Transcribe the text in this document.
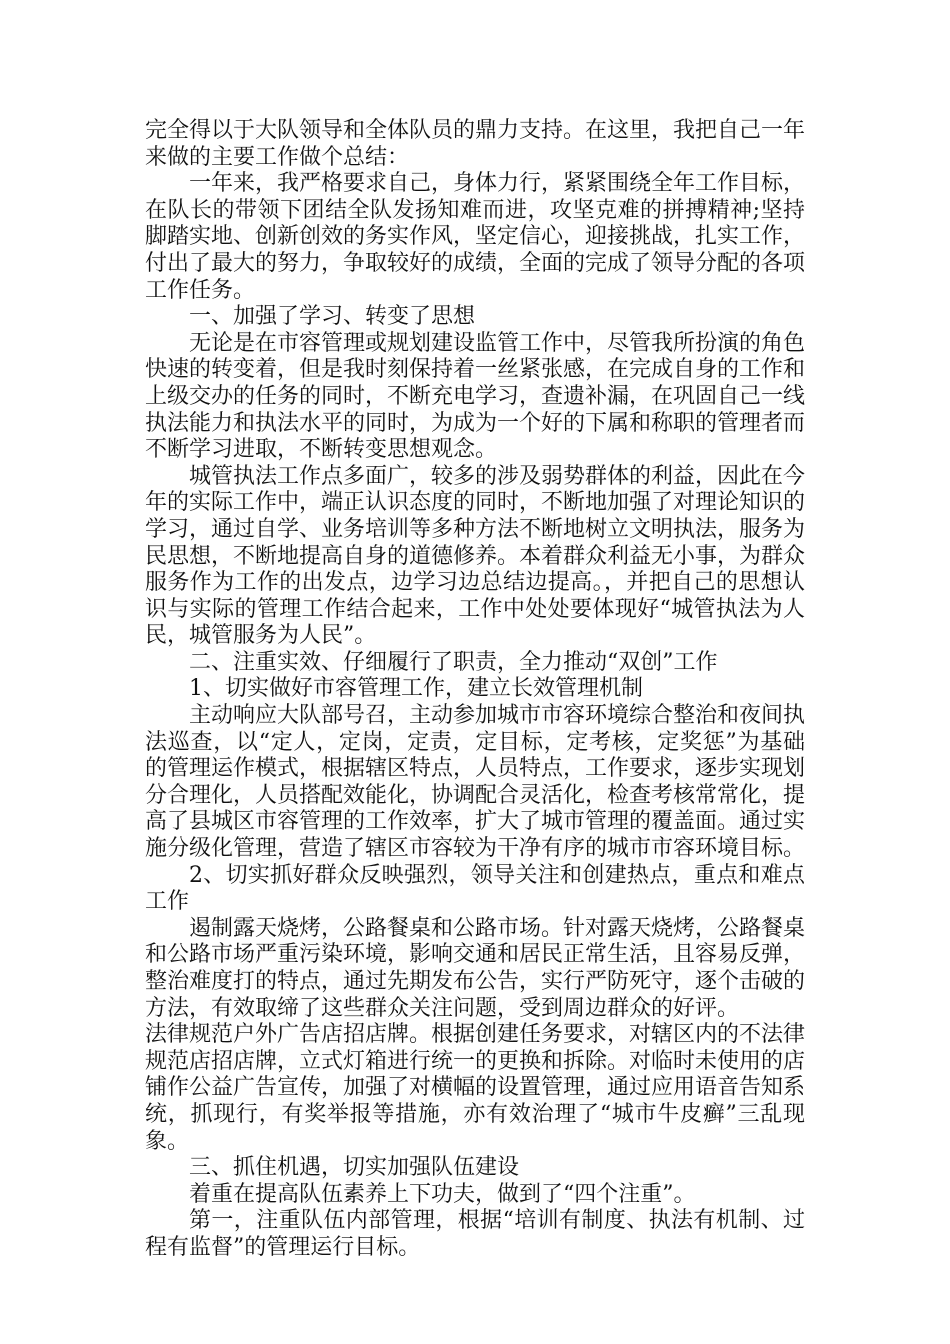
完全得以于大队领导和全体队员的鼎力支持。在这里，我把自己一年来做的主要工作做个总结：

一年来，我严格要求自己，身体力行，紧紧围绕全年工作目标，在队长的带领下团结全队发扬知难而进，攻坚克难的拼搏精神;坚持脚踏实地、创新创效的务实作风，坚定信心，迎接挑战，扎实工作，付出了最大的努力，争取较好的成绩，全面的完成了领导分配的各项工作任务。

一、加强了学习、转变了思想

无论是在市容管理或规划建设监管工作中，尽管我所扮演的角色快速的转变着，但是我时刻保持着一丝紧张感，在完成自身的工作和上级交办的任务的同时，不断充电学习，查遗补漏，在巩固自己一线执法能力和执法水平的同时，为成为一个好的下属和称职的管理者而不断学习进取，不断转变思想观念。

城管执法工作点多面广，较多的涉及弱势群体的利益，因此在今年的实际工作中，端正认识态度的同时，不断地加强了对理论知识的学习，通过自学、业务培训等多种方法不断地树立文明执法，服务为民思想，不断地提高自身的道德修养。本着群众利益无小事，为群众服务作为工作的出发点，边学习边总结边提高。，并把自己的思想认识与实际的管理工作结合起来，工作中处处要体现好“城管执法为人民，城管服务为人民”。

二、注重实效、仔细履行了职责，全力推动“双创”工作

1、切实做好市容管理工作，建立长效管理机制

主动响应大队部号召，主动参加城市市容环境综合整治和夜间执法巡查，以“定人，定岗，定责，定目标，定考核，定奖惩”为基础的管理运作模式，根据辖区特点，人员特点，工作要求，逐步实现划分合理化，人员搭配效能化，协调配合灵活化，检查考核常常化，提高了县城区市容管理的工作效率，扩大了城市管理的覆盖面。通过实施分级化管理，营造了辖区市容较为干净有序的城市市容环境目标。

2、切实抓好群众反映强烈，领导关注和创建热点，重点和难点工作

遏制露天烧烤，公路餐桌和公路市场。针对露天烧烤，公路餐桌和公路市场严重污染环境，影响交通和居民正常生活，且容易反弹，整治难度打的特点，通过先期发布公告，实行严防死守，逐个击破的方法，有效取缔了这些群众关注问题，受到周边群众的好评。

法律规范户外广告店招店牌。根据创建任务要求，对辖区内的不法律规范店招店牌，立式灯箱进行统一的更换和拆除。对临时未使用的店铺作公益广告宣传，加强了对横幅的设置管理，通过应用语音告知系统，抓现行，有奖举报等措施，亦有效治理了“城市牛皮癣”三乱现象。

三、抓住机遇，切实加强队伍建设

着重在提高队伍素养上下功夫，做到了“四个注重”。

第一，注重队伍内部管理，根据“培训有制度、执法有机制、过程有监督”的管理运行目标。
